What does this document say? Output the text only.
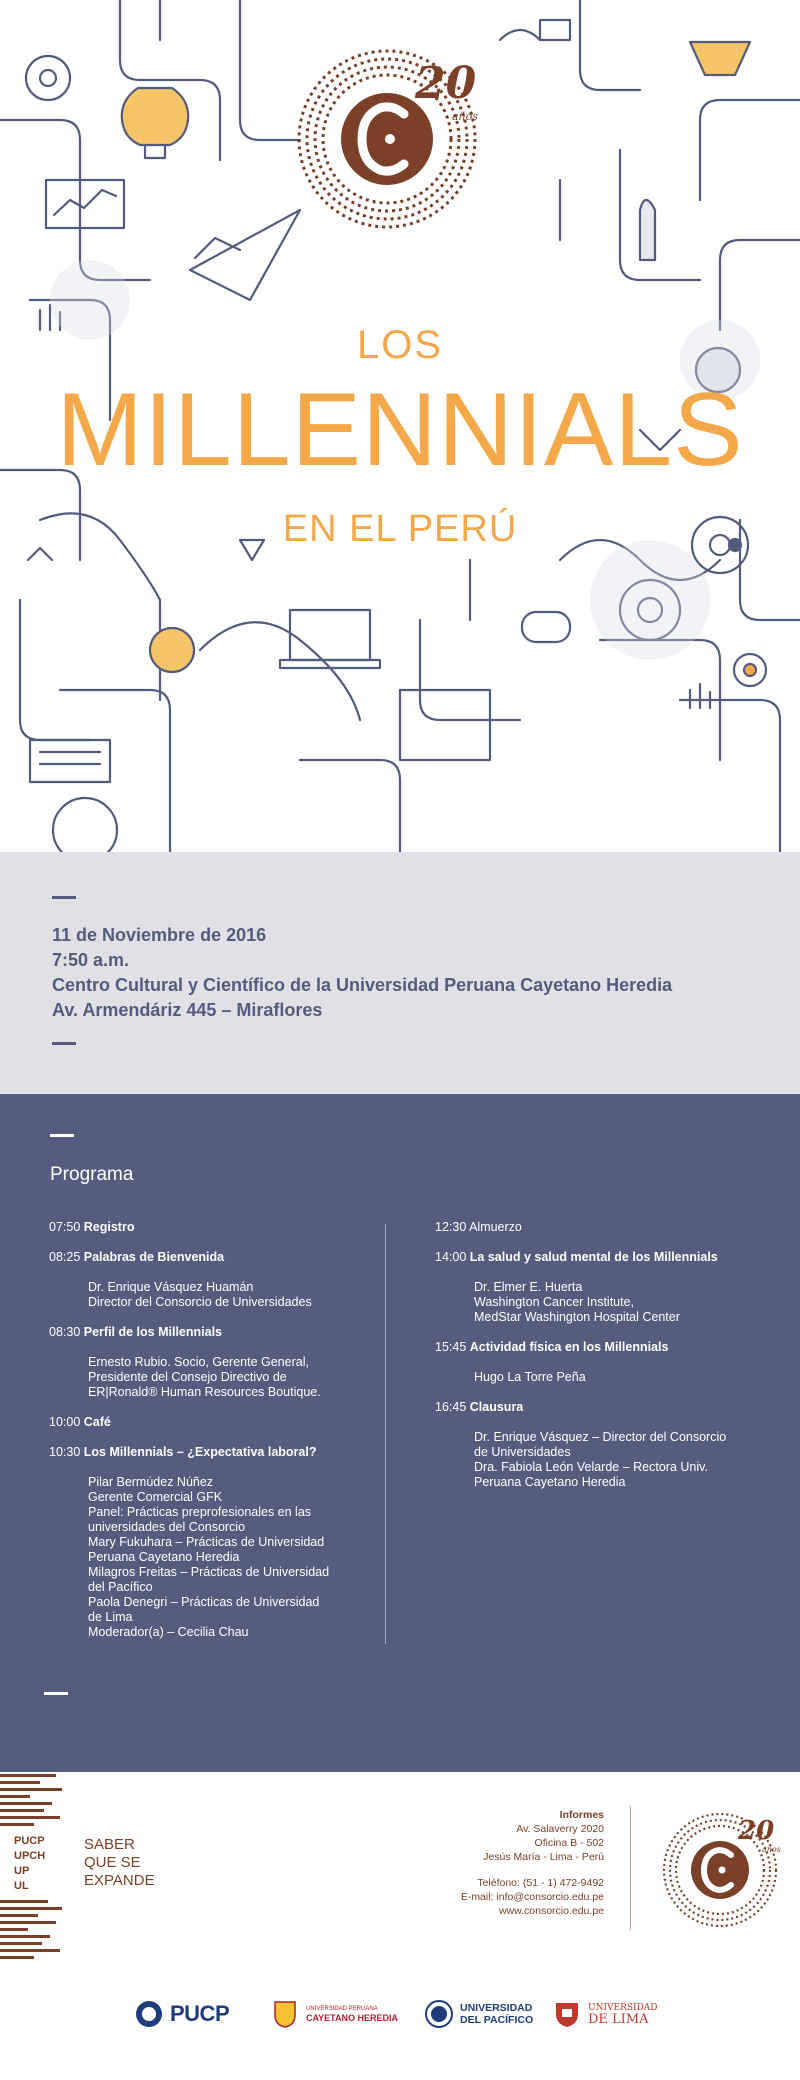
20
años
LOS
MILLENNIALS
EN EL PERÚ
11 de Noviembre de 2016
7:50 a.m.
Centro Cultural y Científico de la Universidad Peruana Cayetano Heredia
Av. Armendáriz 445 – Miraflores
Programa
07:50 Registro
08:25 Palabras de Bienvenida
Dr. Enrique Vásquez Huamán
Director del Consorcio de Universidades
08:30 Perfil de los Millennials
Ernesto Rubio. Socio, Gerente General,
Presidente del Consejo Directivo de
ER|Ronald® Human Resources Boutique.
10:00 Café
10:30 Los Millennials – ¿Expectativa laboral?
Pilar Bermúdez Núñez
Gerente Comercial GFK
Panel: Prácticas preprofesionales en las
universidades del Consorcio
Mary Fukuhara – Prácticas de Universidad
Peruana Cayetano Heredia
Milagros Freitas – Prácticas de Universidad
del Pacífico
Paola Denegri – Prácticas de Universidad
de Lima
Moderador(a) – Cecilia Chau
12:30 Almuerzo
14:00 La salud y salud mental de los Millennials
Dr. Elmer E. Huerta
Washington Cancer Institute,
MedStar Washington Hospital Center
15:45 Actividad física en los Millennials
Hugo La Torre Peña
16:45 Clausura
Dr. Enrique Vásquez – Director del Consorcio
de Universidades
Dra. Fabiola León Velarde – Rectora Univ.
Peruana Cayetano Heredia
PUCP
UPCH
UP
UL
SABER
QUE SE
EXPANDE
Informes
Av. Salaverry 2020
Oficina B - 502
Jesús María - Lima - Perú
Teléfono: (51 - 1) 472-9492
E-mail: info@consorcio.edu.pe
www.consorcio.edu.pe
20
años
PUCP	UNIVERSIDAD PERUANA
CAYETANO HEREDIA
UNIVERSIDAD
DEL PACÍFICO
UNIVERSIDAD
DE LIMA
